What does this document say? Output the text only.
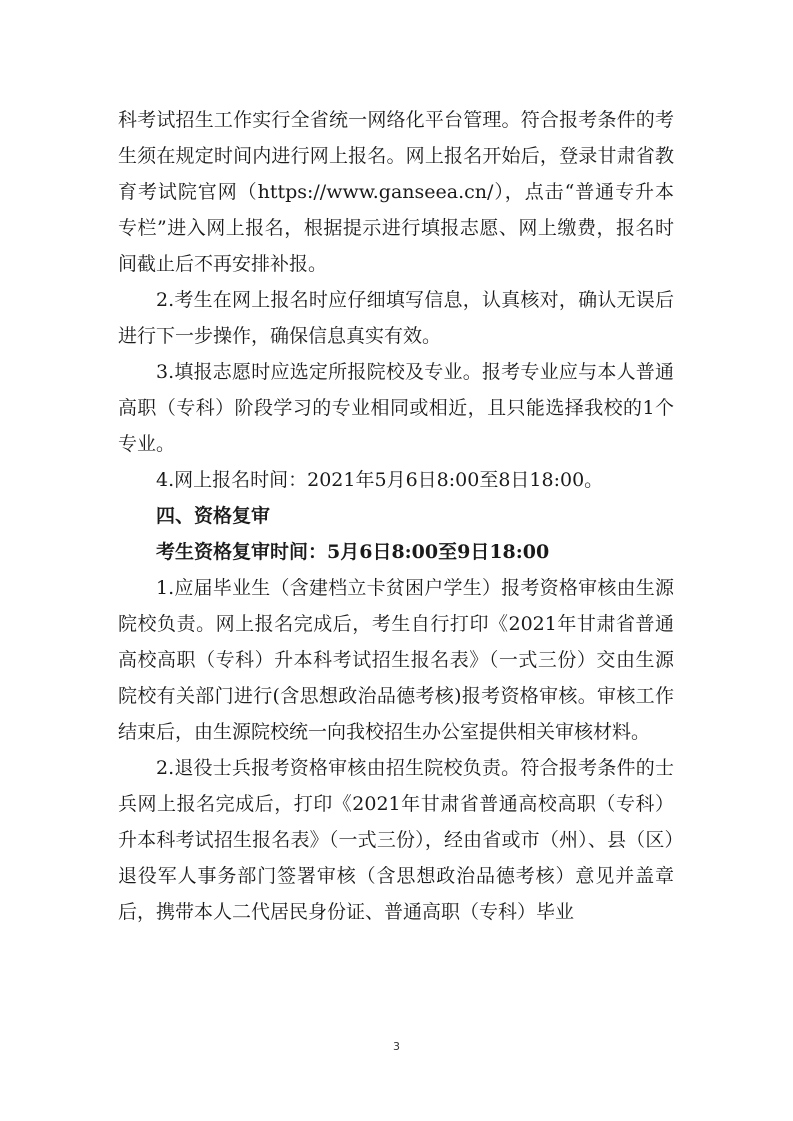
科考试招生工作实行全省统一网络化平台管理。符合报考条件的考生须在规定时间内进行网上报名。网上报名开始后，登录甘肃省教育考试院官网（https://www.ganseea.cn/），点击“普通专升本专栏”进入网上报名，根据提示进行填报志愿、网上缴费，报名时间截止后不再安排补报。

2.考生在网上报名时应仔细填写信息，认真核对，确认无误后进行下一步操作，确保信息真实有效。

3.填报志愿时应选定所报院校及专业。报考专业应与本人普通高职（专科）阶段学习的专业相同或相近，且只能选择我校的1个专业。

4.网上报名时间：2021年5月6日8:00至8日18:00。

四、资格复审

考生资格复审时间：5月6日8:00至9日18:00

1.应届毕业生（含建档立卡贫困户学生）报考资格审核由生源院校负责。网上报名完成后，考生自行打印《2021年甘肃省普通高校高职（专科）升本科考试招生报名表》（一式三份）交由生源院校有关部门进行(含思想政治品德考核)报考资格审核。审核工作结束后，由生源院校统一向我校招生办公室提供相关审核材料。

2.退役士兵报考资格审核由招生院校负责。符合报考条件的士兵网上报名完成后，打印《2021年甘肃省普通高校高职（专科）升本科考试招生报名表》（一式三份），经由省或市（州）、县（区）退役军人事务部门签署审核（含思想政治品德考核）意见并盖章后，携带本人二代居民身份证、普通高职（专科）毕业

3
